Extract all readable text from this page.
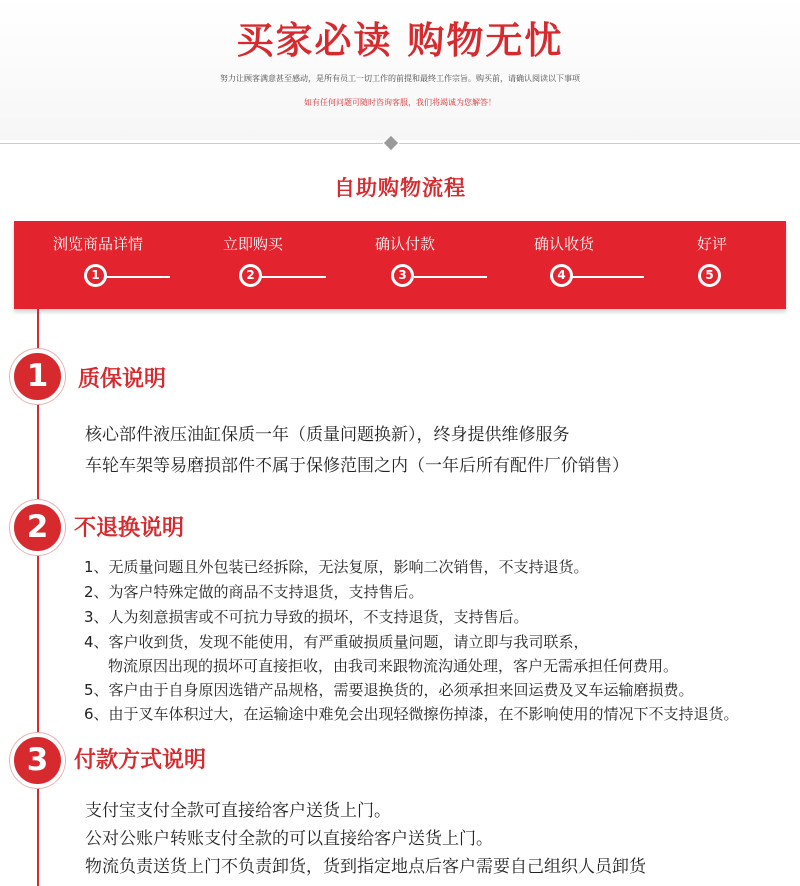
买家必读 购物无忧
努力让顾客满意甚至感动，是所有员工一切工作的前提和最终工作宗旨。购买前，请确认阅读以下事项
如有任何问题可随时咨询客服，我们将竭诚为您解答！
自助购物流程
浏览商品详情
1
立即购买
2
确认付款
3
确认收货
4
好评
5
1	质保说明
核心部件液压油缸保质一年（质量问题换新），终身提供维修服务
车轮车架等易磨损部件不属于保修范围之内（一年后所有配件厂价销售）
2	不退换说明
1、无质量问题且外包装已经拆除，无法复原，影响二次销售，不支持退货。
2、为客户特殊定做的商品不支持退货，支持售后。
3、人为刻意损害或不可抗力导致的损坏，不支持退货，支持售后。
4、客户收到货，发现不能使用，有严重破损质量问题，请立即与我司联系，
物流原因出现的损坏可直接拒收，由我司来跟物流沟通处理，客户无需承担任何费用。
5、客户由于自身原因选错产品规格，需要退换货的，必须承担来回运费及叉车运输磨损费。
6、由于叉车体积过大，在运输途中难免会出现轻微擦伤掉漆，在不影响使用的情况下不支持退货。
3	付款方式说明
支付宝支付全款可直接给客户送货上门。
公对公账户转账支付全款的可以直接给客户送货上门。
物流负责送货上门不负责卸货，货到指定地点后客户需要自己组织人员卸货
